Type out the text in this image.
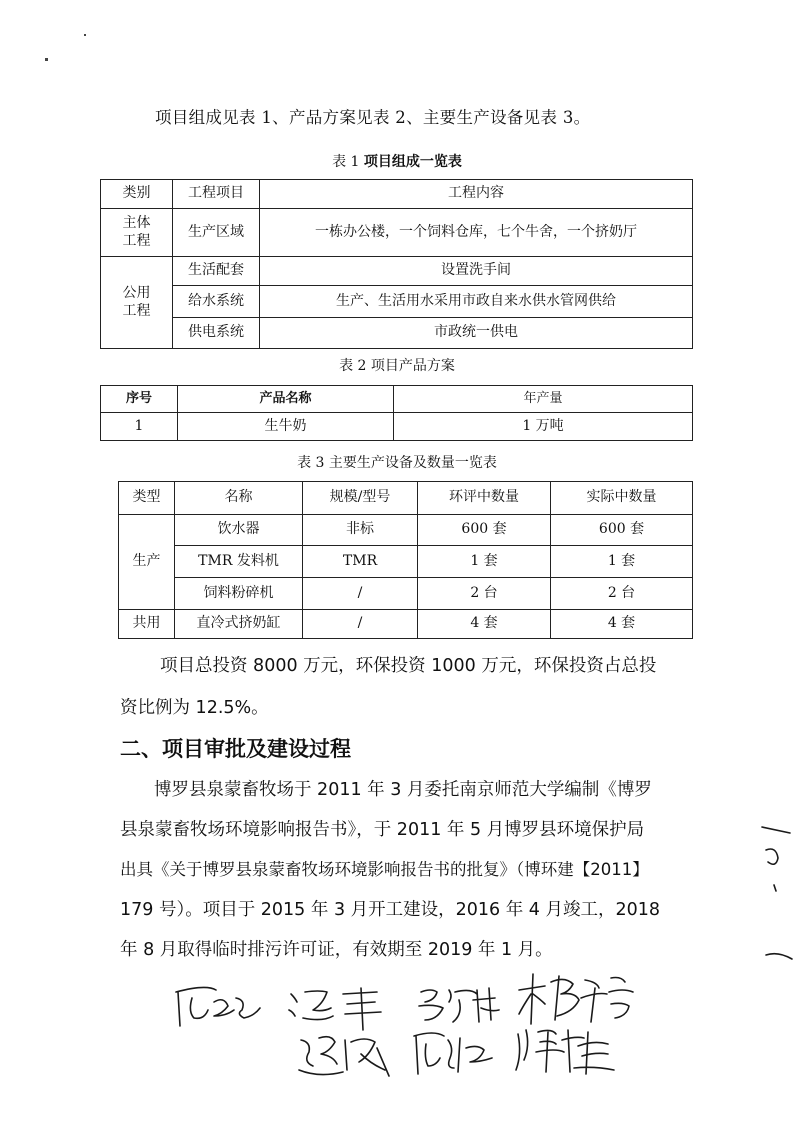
项目组成见表 1、产品方案见表 2、主要生产设备见表 3。
表 1 项目组成一览表
类别	工程项目	工程内容
主体
工程	生产区域	一栋办公楼，一个饲料仓库，七个牛舍，一个挤奶厅
公用
工程	生活配套	设置洗手间
	给水系统	生产、生活用水采用市政自来水供水管网供给
	供电系统	市政统一供电
表 2 项目产品方案
序号	产品名称	年产量
1	生牛奶	1 万吨
表 3 主要生产设备及数量一览表
类型	名称	规模/型号	环评中数量	实际中数量
生产	饮水器	非标	600 套	600 套
	TMR 发料机	TMR	1 套	1 套
	饲料粉碎机	/	2 台	2 台
共用	直冷式挤奶缸	/	4 套	4 套
项目总投资 8000 万元，环保投资 1000 万元，环保投资占总投
资比例为 12.5%。
二、项目审批及建设过程
博罗县泉蒙畜牧场于 2011 年 3 月委托南京师范大学编制《博罗
县泉蒙畜牧场环境影响报告书》，于 2011 年 5 月博罗县环境保护局
出具《关于博罗县泉蒙畜牧场环境影响报告书的批复》（博环建【2011】
179 号）。项目于 2015 年 3 月开工建设，2016 年 4 月竣工，2018
年 8 月取得临时排污许可证，有效期至 2019 年 1 月。
